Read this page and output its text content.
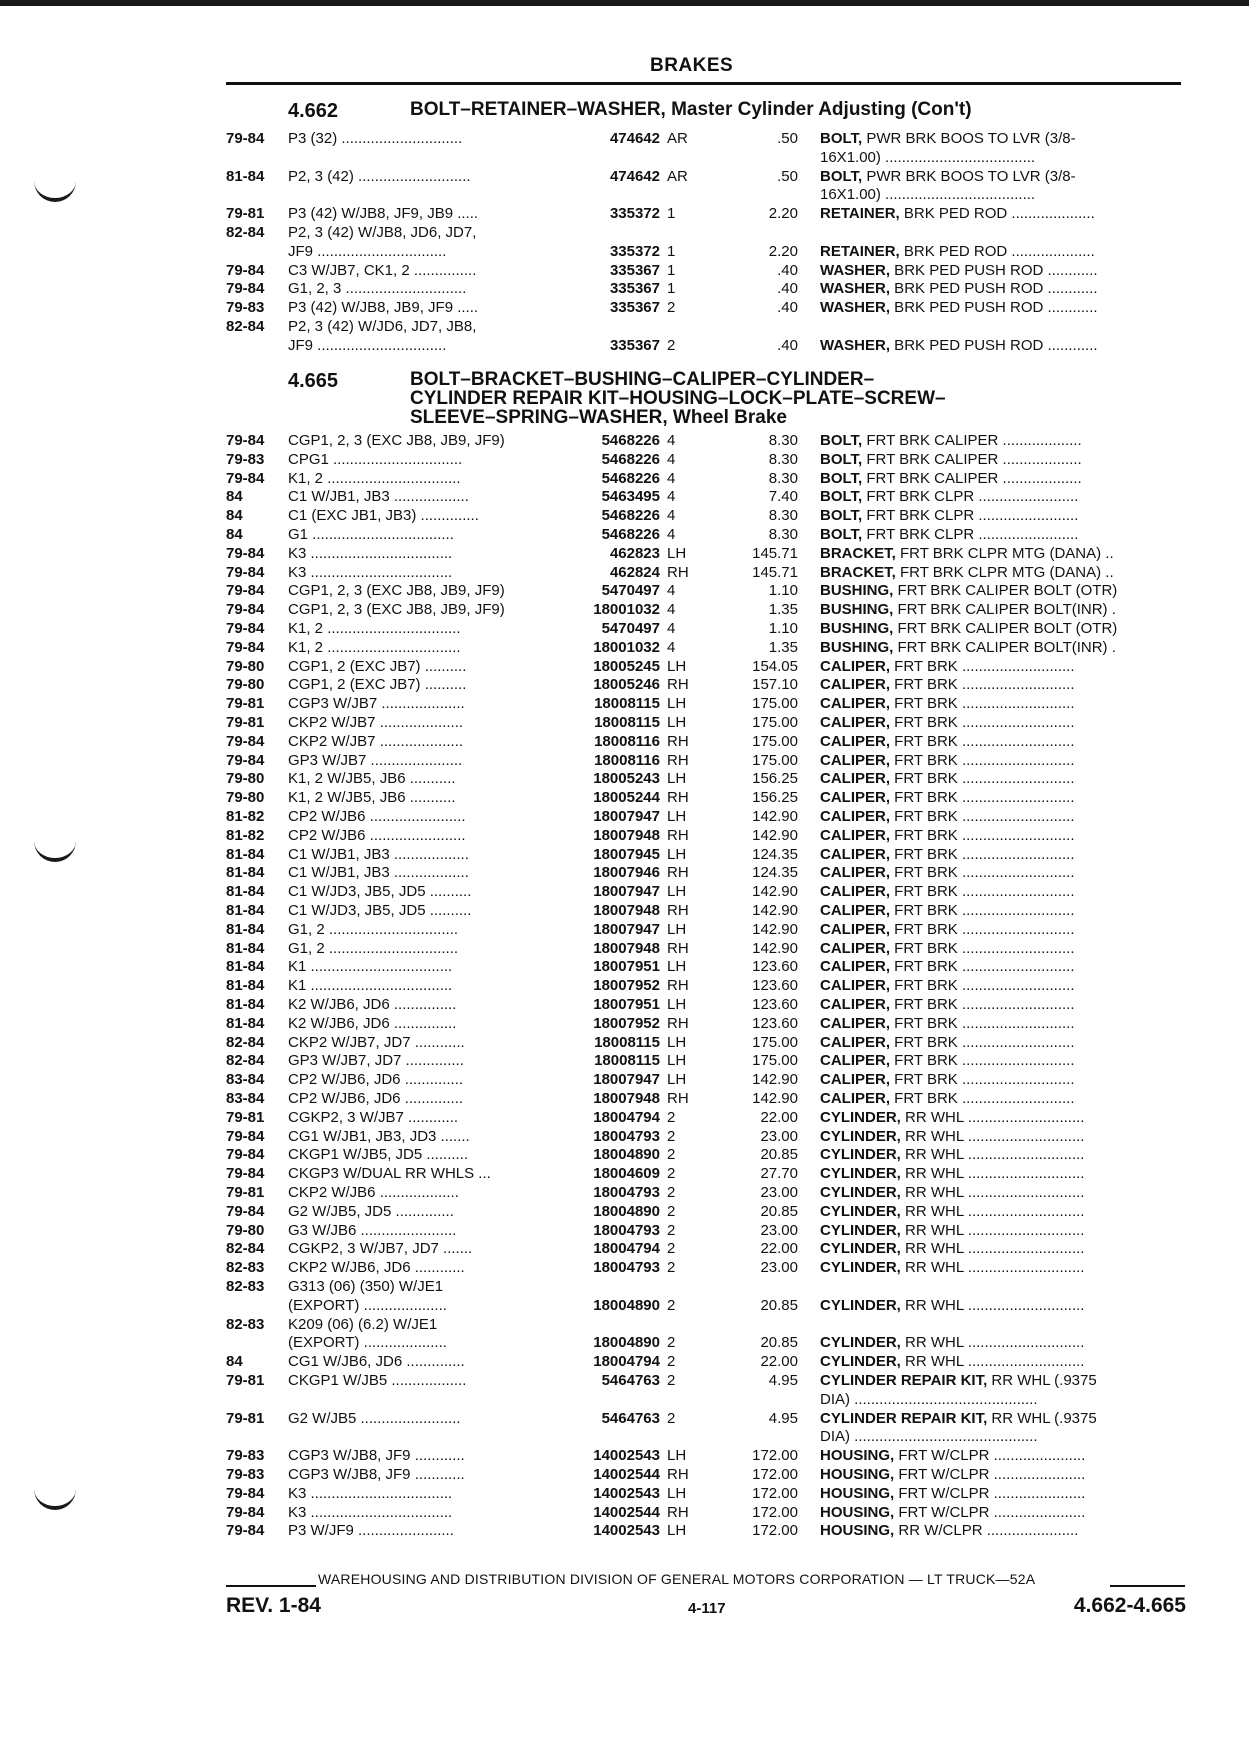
BRAKES
4.662	BOLT–RETAINER–WASHER, Master Cylinder Adjusting (Con't)
4.665	BOLT–BRACKET–BUSHING–CALIPER–CYLINDER–
CYLINDER REPAIR KIT–HOUSING–LOCK–PLATE–SCREW–
SLEEVE–SPRING–WASHER, Wheel Brake
79-84 P3 (32) .............................	474642 AR	.50 BOLT, PWR BRK BOOS TO LVR (3/8-
16X1.00) ....................................
81-84 P2, 3 (42) ...........................	474642 AR	.50 BOLT, PWR BRK BOOS TO LVR (3/8-
16X1.00) ....................................
79-81 P3 (42) W/JB8, JF9, JB9 .....	335372 1	2.20 RETAINER, BRK PED ROD ....................
82-84 P2, 3 (42) W/JB8, JD6, JD7,
JF9 ...............................	335372 1	2.20 RETAINER, BRK PED ROD ....................
79-84 C3 W/JB7, CK1, 2 ...............	335367 1	.40 WASHER, BRK PED PUSH ROD ............
79-84 G1, 2, 3 .............................	335367 1	.40 WASHER, BRK PED PUSH ROD ............
79-83 P3 (42) W/JB8, JB9, JF9 .....	335367 2	.40 WASHER, BRK PED PUSH ROD ............
82-84 P2, 3 (42) W/JD6, JD7, JB8,
JF9 ...............................	335367 2	.40 WASHER, BRK PED PUSH ROD ............
79-84 CGP1, 2, 3 (EXC JB8, JB9, JF9)	5468226 4	8.30 BOLT, FRT BRK CALIPER ...................
79-83 CPG1 ...............................	5468226 4	8.30 BOLT, FRT BRK CALIPER ...................
79-84 K1, 2 ................................	5468226 4	8.30 BOLT, FRT BRK CALIPER ...................
84	C1 W/JB1, JB3 ..................	5463495 4	7.40 BOLT, FRT BRK CLPR ........................
84	C1 (EXC JB1, JB3) ..............	5468226 4	8.30 BOLT, FRT BRK CLPR ........................
84	G1 ..................................	5468226 4	8.30 BOLT, FRT BRK CLPR ........................
79-84 K3 ..................................	462823 LH	145.71 BRACKET, FRT BRK CLPR MTG (DANA) ..
79-84 K3 ..................................	462824 RH	145.71 BRACKET, FRT BRK CLPR MTG (DANA) ..
79-84 CGP1, 2, 3 (EXC JB8, JB9, JF9)	5470497 4	1.10 BUSHING, FRT BRK CALIPER BOLT (OTR)
79-84 CGP1, 2, 3 (EXC JB8, JB9, JF9)	18001032 4	1.35 BUSHING, FRT BRK CALIPER BOLT(INR) .
79-84 K1, 2 ................................	5470497 4	1.10 BUSHING, FRT BRK CALIPER BOLT (OTR)
79-84 K1, 2 ................................	18001032 4	1.35 BUSHING, FRT BRK CALIPER BOLT(INR) .
79-80 CGP1, 2 (EXC JB7) ..........	18005245 LH	154.05 CALIPER, FRT BRK ...........................
79-80 CGP1, 2 (EXC JB7) ..........	18005246 RH	157.10 CALIPER, FRT BRK ...........................
79-81 CGP3 W/JB7 ....................	18008115 LH	175.00 CALIPER, FRT BRK ...........................
79-81 CKP2 W/JB7 ....................	18008115 LH	175.00 CALIPER, FRT BRK ...........................
79-84 CKP2 W/JB7 ....................	18008116 RH	175.00 CALIPER, FRT BRK ...........................
79-84 GP3 W/JB7 ......................	18008116 RH	175.00 CALIPER, FRT BRK ...........................
79-80 K1, 2 W/JB5, JB6 ...........	18005243 LH	156.25 CALIPER, FRT BRK ...........................
79-80 K1, 2 W/JB5, JB6 ...........	18005244 RH	156.25 CALIPER, FRT BRK ...........................
81-82 CP2 W/JB6 .......................	18007947 LH	142.90 CALIPER, FRT BRK ...........................
81-82 CP2 W/JB6 .......................	18007948 RH	142.90 CALIPER, FRT BRK ...........................
81-84 C1 W/JB1, JB3 ..................	18007945 LH	124.35 CALIPER, FRT BRK ...........................
81-84 C1 W/JB1, JB3 ..................	18007946 RH	124.35 CALIPER, FRT BRK ...........................
81-84 C1 W/JD3, JB5, JD5 ..........	18007947 LH	142.90 CALIPER, FRT BRK ...........................
81-84 C1 W/JD3, JB5, JD5 ..........	18007948 RH	142.90 CALIPER, FRT BRK ...........................
81-84 G1, 2 ...............................	18007947 LH	142.90 CALIPER, FRT BRK ...........................
81-84 G1, 2 ...............................	18007948 RH	142.90 CALIPER, FRT BRK ...........................
81-84 K1 ..................................	18007951 LH	123.60 CALIPER, FRT BRK ...........................
81-84 K1 ..................................	18007952 RH	123.60 CALIPER, FRT BRK ...........................
81-84 K2 W/JB6, JD6 ...............	18007951 LH	123.60 CALIPER, FRT BRK ...........................
81-84 K2 W/JB6, JD6 ...............	18007952 RH	123.60 CALIPER, FRT BRK ...........................
82-84 CKP2 W/JB7, JD7 ............	18008115 LH	175.00 CALIPER, FRT BRK ...........................
82-84 GP3 W/JB7, JD7 ..............	18008115 LH	175.00 CALIPER, FRT BRK ...........................
83-84 CP2 W/JB6, JD6 ..............	18007947 LH	142.90 CALIPER, FRT BRK ...........................
83-84 CP2 W/JB6, JD6 ..............	18007948 RH	142.90 CALIPER, FRT BRK ...........................
79-81 CGKP2, 3 W/JB7 ............	18004794 2	22.00 CYLINDER, RR WHL ............................
79-84 CG1 W/JB1, JB3, JD3 .......	18004793 2	23.00 CYLINDER, RR WHL ............................
79-84 CKGP1 W/JB5, JD5 ..........	18004890 2	20.85 CYLINDER, RR WHL ............................
79-84 CKGP3 W/DUAL RR WHLS ...	18004609 2	27.70 CYLINDER, RR WHL ............................
79-81 CKP2 W/JB6 ...................	18004793 2	23.00 CYLINDER, RR WHL ............................
79-84 G2 W/JB5, JD5 ..............	18004890 2	20.85 CYLINDER, RR WHL ............................
79-80 G3 W/JB6 .......................	18004793 2	23.00 CYLINDER, RR WHL ............................
82-84 CGKP2, 3 W/JB7, JD7 .......	18004794 2	22.00 CYLINDER, RR WHL ............................
82-83 CKP2 W/JB6, JD6 ............	18004793 2	23.00 CYLINDER, RR WHL ............................
82-83 G313 (06) (350) W/JE1
(EXPORT) ....................	18004890 2	20.85 CYLINDER, RR WHL ............................
82-83 K209 (06) (6.2) W/JE1
(EXPORT) ....................	18004890 2	20.85 CYLINDER, RR WHL ............................
84	CG1 W/JB6, JD6 ..............	18004794 2	22.00 CYLINDER, RR WHL ............................
79-81 CKGP1 W/JB5 ..................	5464763 2	4.95 CYLINDER REPAIR KIT, RR WHL (.9375
DIA) ............................................
79-81 G2 W/JB5 ........................	5464763 2	4.95 CYLINDER REPAIR KIT, RR WHL (.9375
DIA) ............................................
79-83 CGP3 W/JB8, JF9 ............	14002543 LH	172.00 HOUSING, FRT W/CLPR ......................
79-83 CGP3 W/JB8, JF9 ............	14002544 RH	172.00 HOUSING, FRT W/CLPR ......................
79-84 K3 ..................................	14002543 LH	172.00 HOUSING, FRT W/CLPR ......................
79-84 K3 ..................................	14002544 RH	172.00 HOUSING, FRT W/CLPR ......................
79-84 P3 W/JF9 .......................	14002543 LH	172.00 HOUSING, RR W/CLPR ......................
WAREHOUSING AND DISTRIBUTION DIVISION OF GENERAL MOTORS CORPORATION — LT TRUCK—52A
REV. 1-84	4-117	4.662-4.665
